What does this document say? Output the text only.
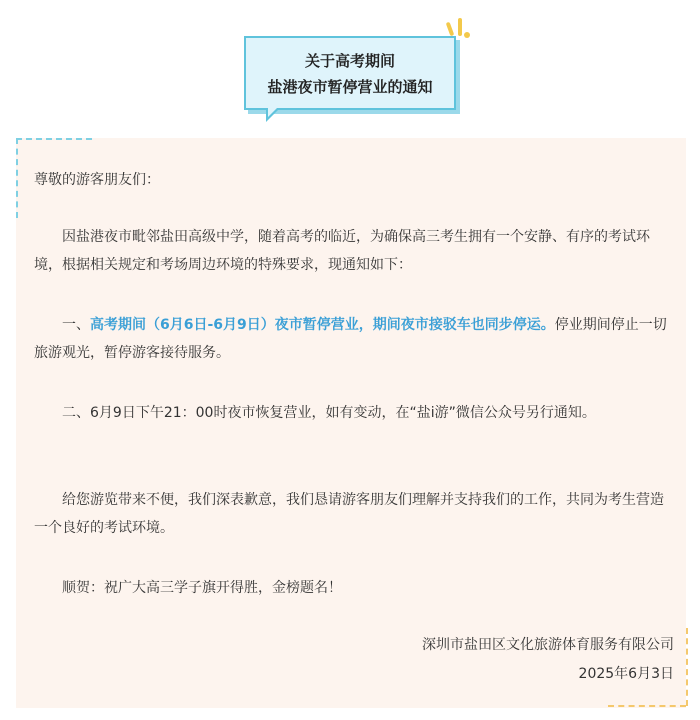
关于高考期间
盐港夜市暂停营业的通知
尊敬的游客朋友们：
因盐港夜市毗邻盐田高级中学，随着高考的临近，为确保高三考生拥有一个安静、有序的考试环境，根据相关规定和考场周边环境的特殊要求，现通知如下：
一、高考期间（6月6日-6月9日）夜市暂停营业，期间夜市接驳车也同步停运。停业期间停止一切旅游观光，暂停游客接待服务。
二、6月9日下午21：00时夜市恢复营业，如有变动，在“盐i游”微信公众号另行通知。
给您游览带来不便，我们深表歉意，我们恳请游客朋友们理解并支持我们的工作，共同为考生营造一个良好的考试环境。
顺贺：祝广大高三学子旗开得胜，金榜题名！
深圳市盐田区文化旅游体育服务有限公司
2025年6月3日
